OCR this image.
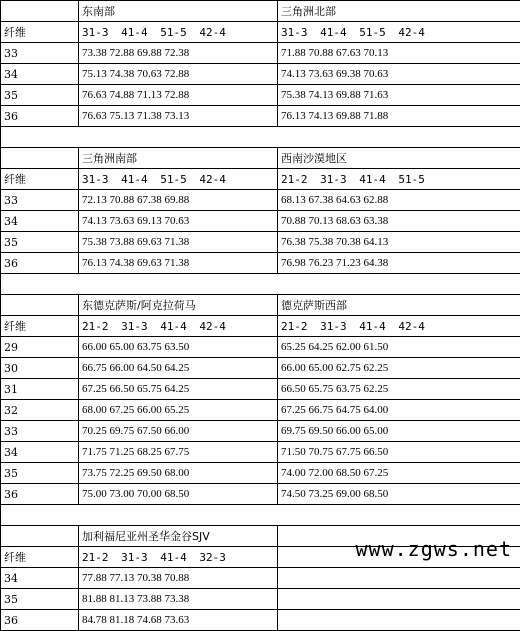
	东南部	三角洲北部
纤维	31-3 41-4 51-5 42-4	31-3 41-4 51-5 42-4
33	73.38 72.88 69.88 72.38	71.88 70.88 67.63 70.13
34	75.13 74.38 70.63 72.88	74.13 73.63 69.38 70.63
35	76.63 74.88 71.13 72.88	75.38 74.13 69.88 71.63
36	76.63 75.13 71.38 73.13	76.13 74.13 69.88 71.88

	三角洲南部	西南沙漠地区
纤维	31-3 41-4 51-5 42-4	21-2 31-3 41-4 51-5
33	72.13 70.88 67.38 69.88	68.13 67.38 64.63 62.88
34	74.13 73.63 69.13 70.63	70.88 70.13 68.63 63.38
35	75.38 73.88 69.63 71.38	76.38 75.38 70.38 64.13
36	76.13 74.38 69.63 71.38	76.98 76.23 71.23 64.38

	东德克萨斯/阿克拉荷马	德克萨斯西部
纤维	21-2 31-3 41-4 42-4	21-2 31-3 41-4 42-4
29	66.00 65.00 63.75 63.50	65.25 64.25 62.00 61.50
30	66.75 66.00 64.50 64.25	66.00 65.00 62.75 62.25
31	67.25 66.50 65.75 64.25	66.50 65.75 63.75 62.25
32	68.00 67.25 66.00 65.25	67.25 66.75 64.75 64.00
33	70.25 69.75 67.50 66.00	69.75 69.50 66.00 65.00
34	71.75 71.25 68.25 67.75	71.50 70.75 67.75 66.50
35	73.75 72.25 69.50 68.00	74.00 72.00 68.50 67.25
36	75.00 73.00 70.00 68.50	74.50 73.25 69.00 68.50

	加利福尼亚州圣华金谷SJV	
纤维	21-2 31-3 41-4 32-3	
34	77.88 77.13 70.38 70.88	
35	81.88 81.13 73.88 73.38	
36	84.78 81.18 74.68 73.63	
www.zgws.net
